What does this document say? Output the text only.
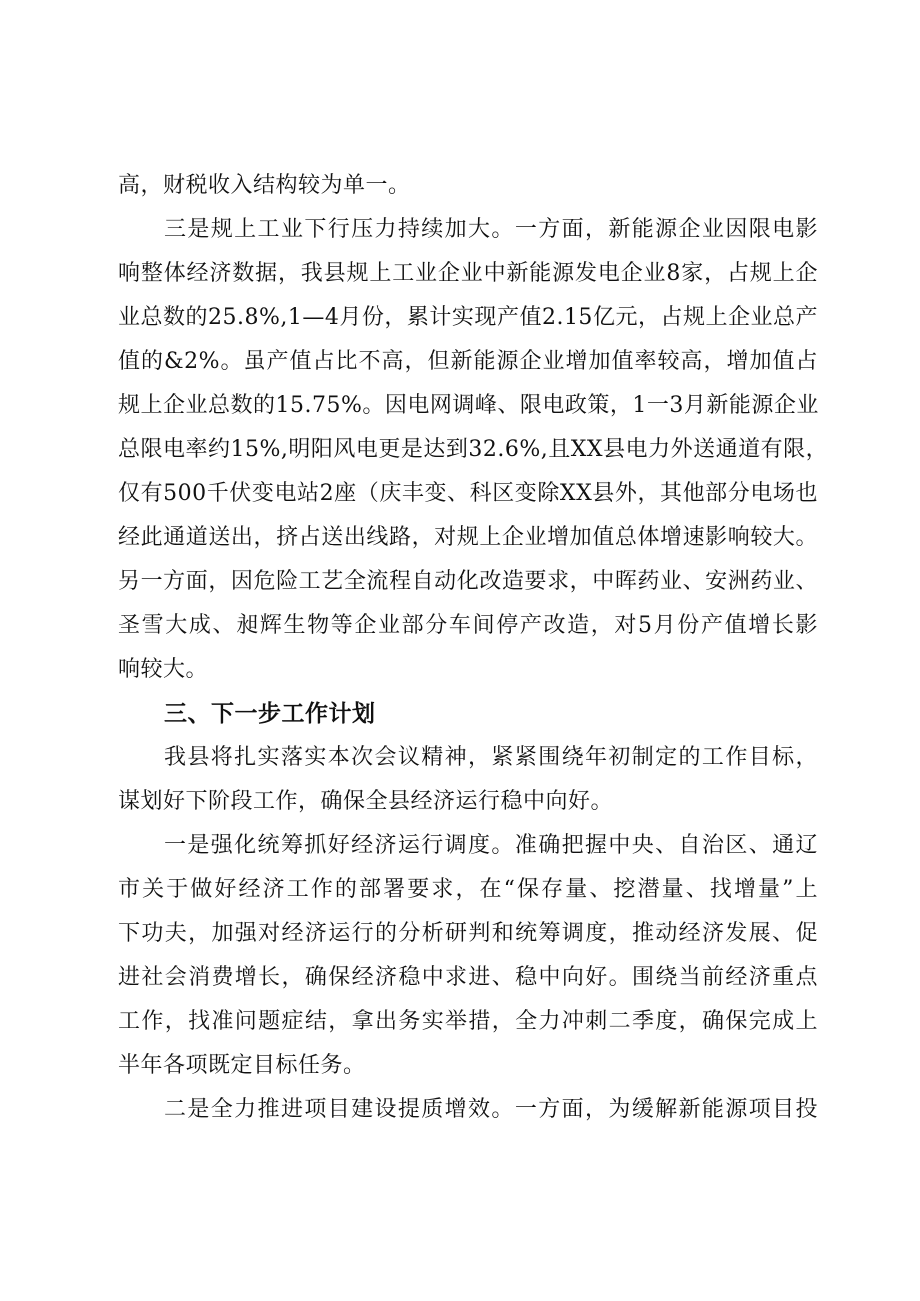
高，财税收入结构较为单一。

三是规上工业下行压力持续加大。一方面，新能源企业因限电影

响整体经济数据，我县规上工业企业中新能源发电企业8家，占规上企

业总数的25.8%,1—4月份，累计实现产值2.15亿元，占规上企业总产

值的&2%。虽产值占比不高，但新能源企业增加值率较高，增加值占

规上企业总数的15.75%。因电网调峰、限电政策，1一3月新能源企业

总限电率约15%,明阳风电更是达到32.6%,且XX县电力外送通道有限，

仅有500千伏变电站2座（庆丰变、科区变除XX县外，其他部分电场也

经此通道送出，挤占送出线路，对规上企业增加值总体增速影响较大。

另一方面，因危险工艺全流程自动化改造要求，中晖药业、安洲药业、

圣雪大成、昶辉生物等企业部分车间停产改造，对5月份产值增长影

响较大。

三、下一步工作计划

我县将扎实落实本次会议精神，紧紧围绕年初制定的工作目标，

谋划好下阶段工作，确保全县经济运行稳中向好。

一是强化统筹抓好经济运行调度。准确把握中央、自治区、通辽

市关于做好经济工作的部署要求，在“保存量、挖潜量、找增量”上

下功夫，加强对经济运行的分析研判和统筹调度，推动经济发展、促

进社会消费增长，确保经济稳中求进、稳中向好。围绕当前经济重点

工作，找准问题症结，拿出务实举措，全力冲刺二季度，确保完成上

半年各项既定目标任务。

二是全力推进项目建设提质增效。一方面，为缓解新能源项目投
